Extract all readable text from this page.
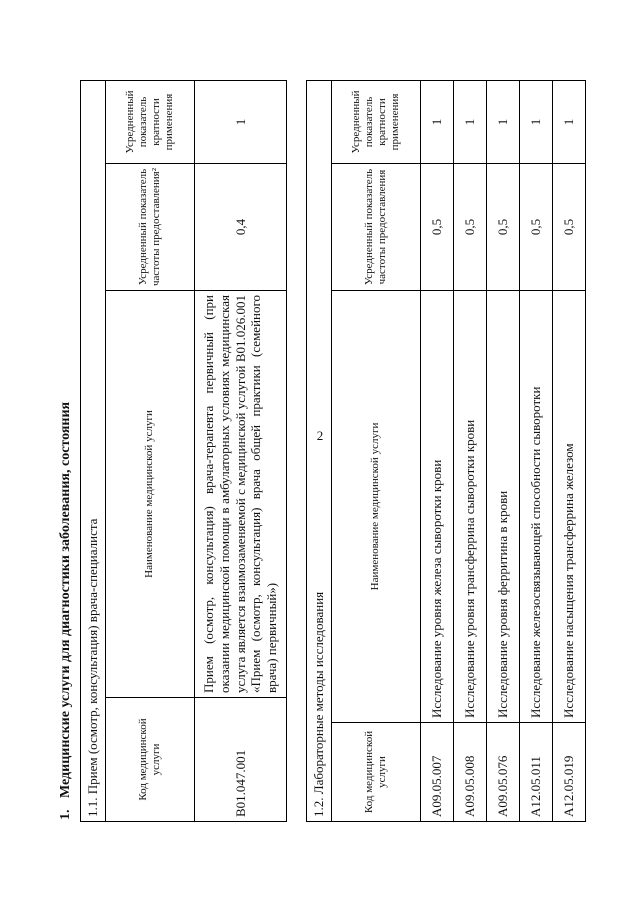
2
1.Медицинские услуги для диагностики заболевания, состояния 1.1. Прием (осмотр, консультация) врача-специалиста			
Код медицинской услуги	Наименование медицинской услуги	Усредненный показатель частоты предоставления²	Усредненный показатель кратности применения
B01.047.001	Прием (осмотр, консультация) врача-терапевта первичный (при оказании медицинской помощи в амбулаторных условиях медицинская услуга является взаимозаменяемой с медицинской услугой B01.026.001 «Прием (осмотр, консультация) врача общей практики (семейного врача) первичный»)	0,4	1
1.2. Лабораторные методы исследования			
Код медицинской услуги	Наименование медицинской услуги	Усредненный показатель частоты предоставления	Усредненный показатель кратности применения
A09.05.007	Исследование уровня железа сыворотки крови	0,5	1
A09.05.008	Исследование уровня трансферрина сыворотки крови	0,5	1
A09.05.076	Исследование уровня ферритина в крови	0,5	1
A12.05.011	Исследование железосвязывающей способности сыворотки	0,5	1
A12.05.019	Исследование насыщения трансферрина железом	0,5	1
